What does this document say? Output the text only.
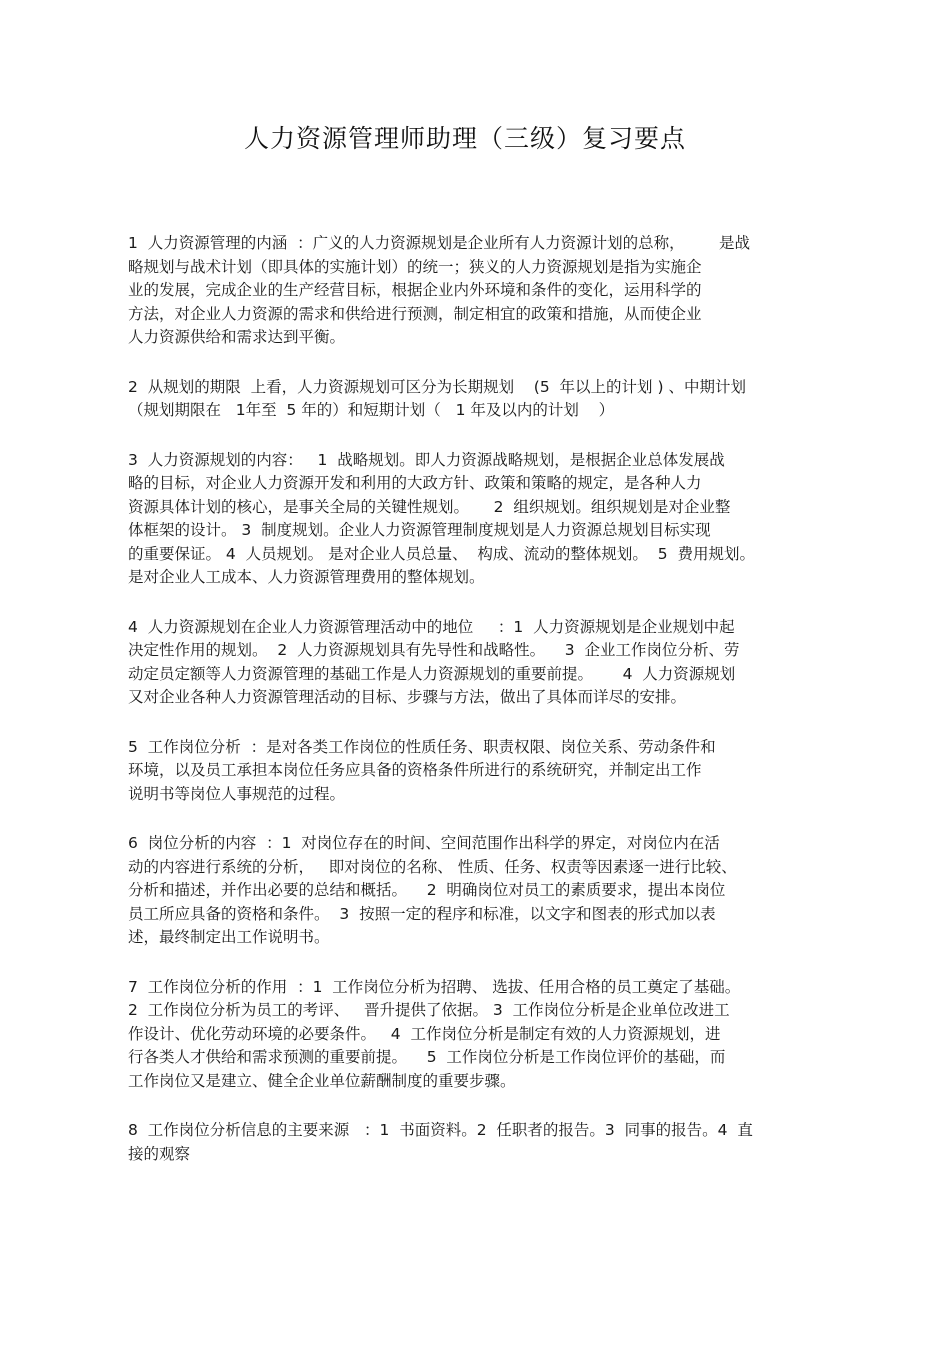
人力资源管理师助理（三级）复习要点
1  人力资源管理的内涵  ：广义的人力资源规划是企业所有人力资源计划的总称，       是战
略规划与战术计划（即具体的实施计划）的统一；狭义的人力资源规划是指为实施企
业的发展，完成企业的生产经营目标，根据企业内外环境和条件的变化，运用科学的
方法，对企业人力资源的需求和供给进行预测，制定相宜的政策和措施，从而使企业
人力资源供给和需求达到平衡。
2  从规划的期限  上看，人力资源规划可区分为长期规划    (5  年以上的计划 ) 、中期计划
（规划期限在   1年至  5 年的）和短期计划（   1 年及以内的计划    ）
3  人力资源规划的内容：   1  战略规划。即人力资源战略规划，是根据企业总体发展战
略的目标，对企业人力资源开发和利用的大政方针、政策和策略的规定，是各种人力
资源具体计划的核心，是事关全局的关键性规划。     2  组织规划。组织规划是对企业整
体框架的设计。 3  制度规划。企业人力资源管理制度规划是人力资源总规划目标实现
的重要保证。 4  人员规划。 是对企业人员总量、  构成、流动的整体规划。  5  费用规划。
是对企业人工成本、人力资源管理费用的整体规划。
4  人力资源规划在企业人力资源管理活动中的地位     ：1  人力资源规划是企业规划中起
决定性作用的规划。  2  人力资源规划具有先导性和战略性。    3  企业工作岗位分析、劳
动定员定额等人力资源管理的基础工作是人力资源规划的重要前提。      4  人力资源规划
又对企业各种人力资源管理活动的目标、步骤与方法，做出了具体而详尽的安排。
5  工作岗位分析  ：是对各类工作岗位的性质任务、职责权限、岗位关系、劳动条件和
环境，以及员工承担本岗位任务应具备的资格条件所进行的系统研究，并制定出工作
说明书等岗位人事规范的过程。
6  岗位分析的内容  ：1  对岗位存在的时间、空间范围作出科学的界定，对岗位内在活
动的内容进行系统的分析，   即对岗位的名称、 性质、任务、权责等因素逐一进行比较、
分析和描述，并作出必要的总结和概括。    2  明确岗位对员工的素质要求，提出本岗位
员工所应具备的资格和条件。  3  按照一定的程序和标准，以文字和图表的形式加以表
述，最终制定出工作说明书。
7  工作岗位分析的作用  ：1  工作岗位分析为招聘、 选拔、任用合格的员工奠定了基础。
2  工作岗位分析为员工的考评、   晋升提供了依据。 3  工作岗位分析是企业单位改进工
作设计、优化劳动环境的必要条件。   4  工作岗位分析是制定有效的人力资源规划，进
行各类人才供给和需求预测的重要前提。    5  工作岗位分析是工作岗位评价的基础，而
工作岗位又是建立、健全企业单位薪酬制度的重要步骤。
8  工作岗位分析信息的主要来源   ：1  书面资料。2  任职者的报告。3  同事的报告。4  直
接的观察
